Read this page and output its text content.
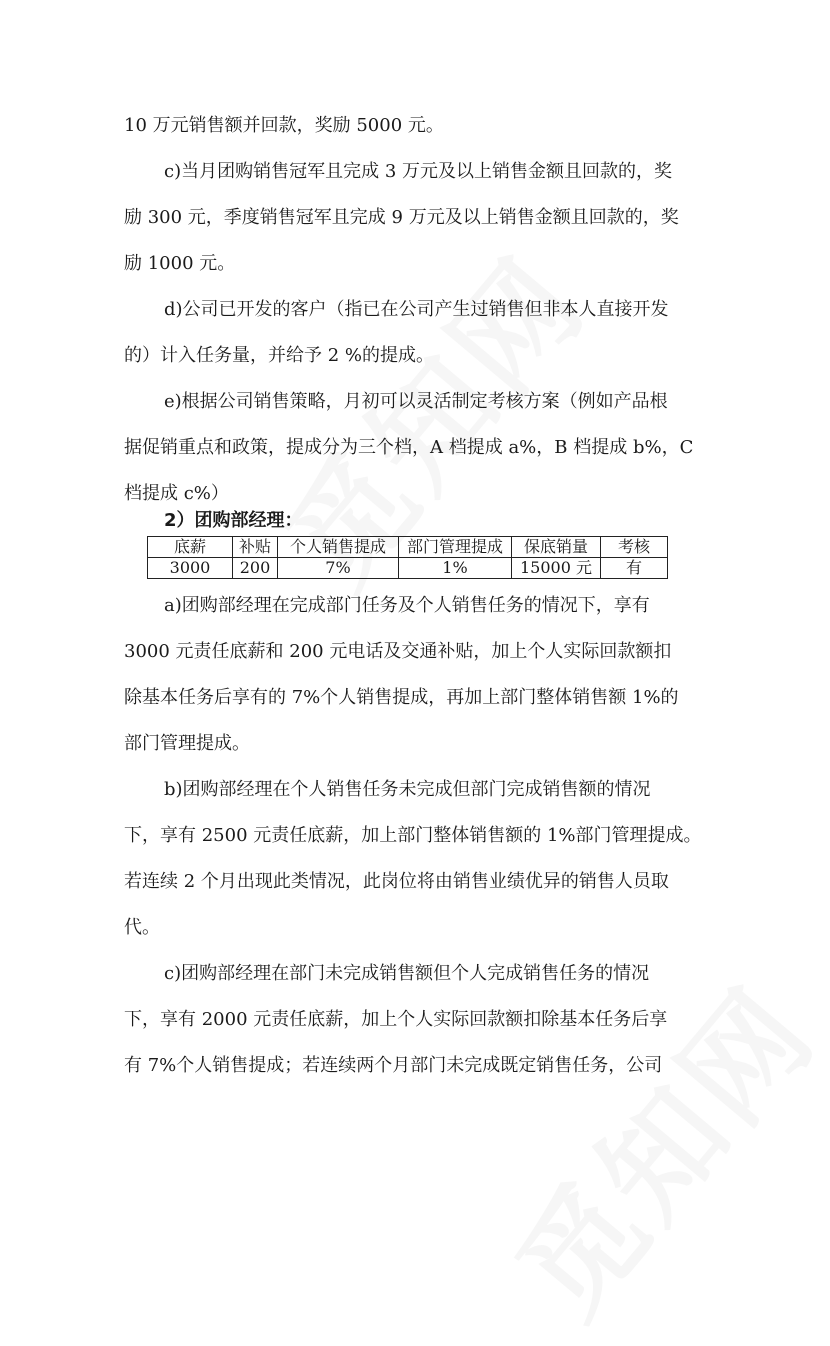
10 万元销售额并回款，奖励 5000 元。
c)当月团购销售冠军且完成 3 万元及以上销售金额且回款的，奖
励 300 元，季度销售冠军且完成 9 万元及以上销售金额且回款的，奖
励 1000 元。
d)公司已开发的客户（指已在公司产生过销售但非本人直接开发
的）计入任务量，并给予 2 %的提成。
e)根据公司销售策略，月初可以灵活制定考核方案（例如产品根
据促销重点和政策，提成分为三个档，A 档提成 a%，B 档提成 b%，C
档提成 c%）
2）团购部经理：
底薪	补贴	个人销售提成	部门管理提成	保底销量	考核
3000	200	7%	1%	15000 元	有
a)团购部经理在完成部门任务及个人销售任务的情况下，享有
3000 元责任底薪和 200 元电话及交通补贴，加上个人实际回款额扣
除基本任务后享有的 7%个人销售提成，再加上部门整体销售额 1%的
部门管理提成。
b)团购部经理在个人销售任务未完成但部门完成销售额的情况
下，享有 2500 元责任底薪，加上部门整体销售额的 1%部门管理提成。
若连续 2 个月出现此类情况，此岗位将由销售业绩优异的销售人员取
代。
c)团购部经理在部门未完成销售额但个人完成销售任务的情况
下，享有 2000 元责任底薪，加上个人实际回款额扣除基本任务后享
有 7%个人销售提成；若连续两个月部门未完成既定销售任务，公司
